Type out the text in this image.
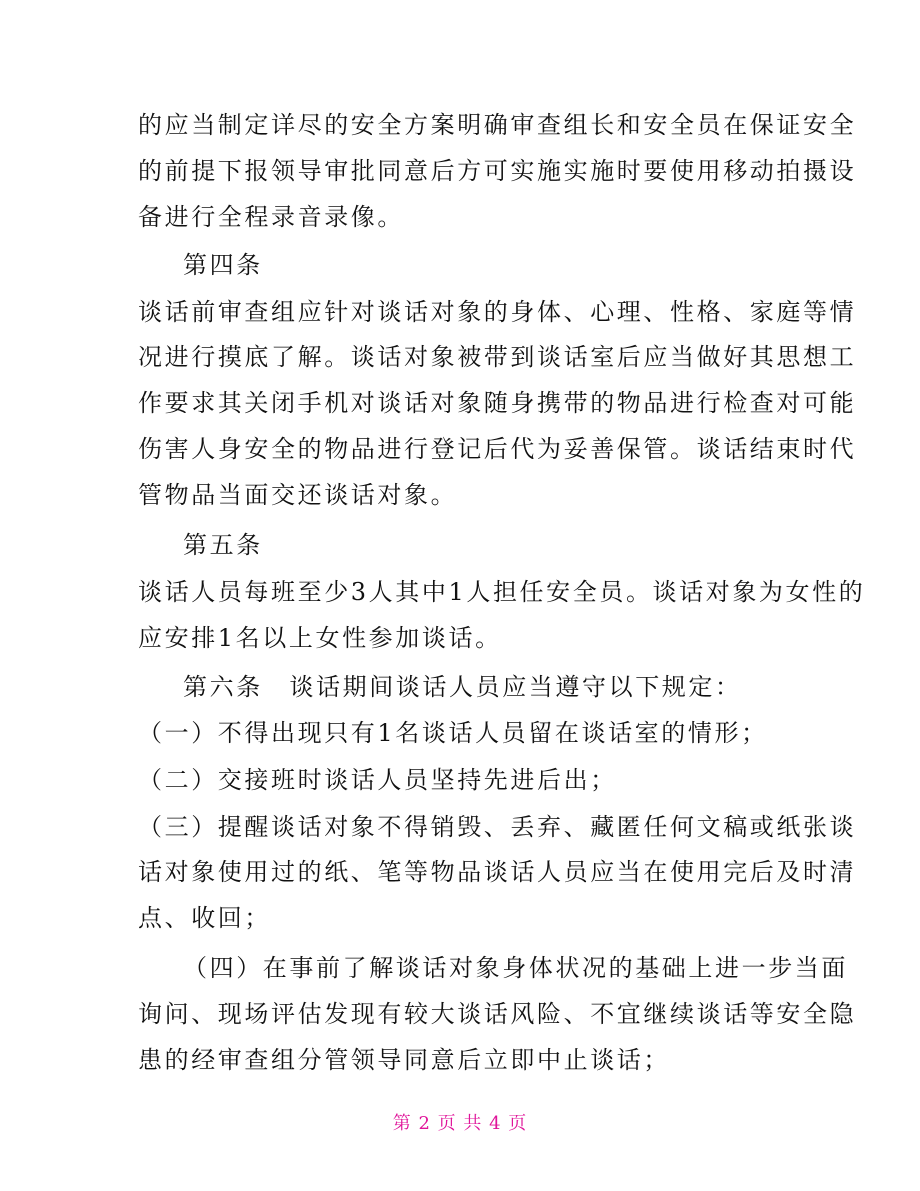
的应当制定详尽的安全方案明确审查组长和安全员在保证安全
的前提下报领导审批同意后方可实施实施时要使用移动拍摄设
备进行全程录音录像。
第四条
谈话前审查组应针对谈话对象的身体、心理、性格、家庭等情
况进行摸底了解。谈话对象被带到谈话室后应当做好其思想工
作要求其关闭手机对谈话对象随身携带的物品进行检查对可能
伤害人身安全的物品进行登记后代为妥善保管。谈话结束时代
管物品当面交还谈话对象。
第五条
谈话人员每班至少3人其中1人担任安全员。谈话对象为女性的
应安排1名以上女性参加谈话。
第六条　谈话期间谈话人员应当遵守以下规定：
（一）不得出现只有1名谈话人员留在谈话室的情形；
（二）交接班时谈话人员坚持先进后出；
（三）提醒谈话对象不得销毁、丢弃、藏匿任何文稿或纸张谈
话对象使用过的纸、笔等物品谈话人员应当在使用完后及时清
点、收回；
（四）在事前了解谈话对象身体状况的基础上进一步当面
询问、现场评估发现有较大谈话风险、不宜继续谈话等安全隐
患的经审查组分管领导同意后立即中止谈话；
第 2 页 共 4 页
